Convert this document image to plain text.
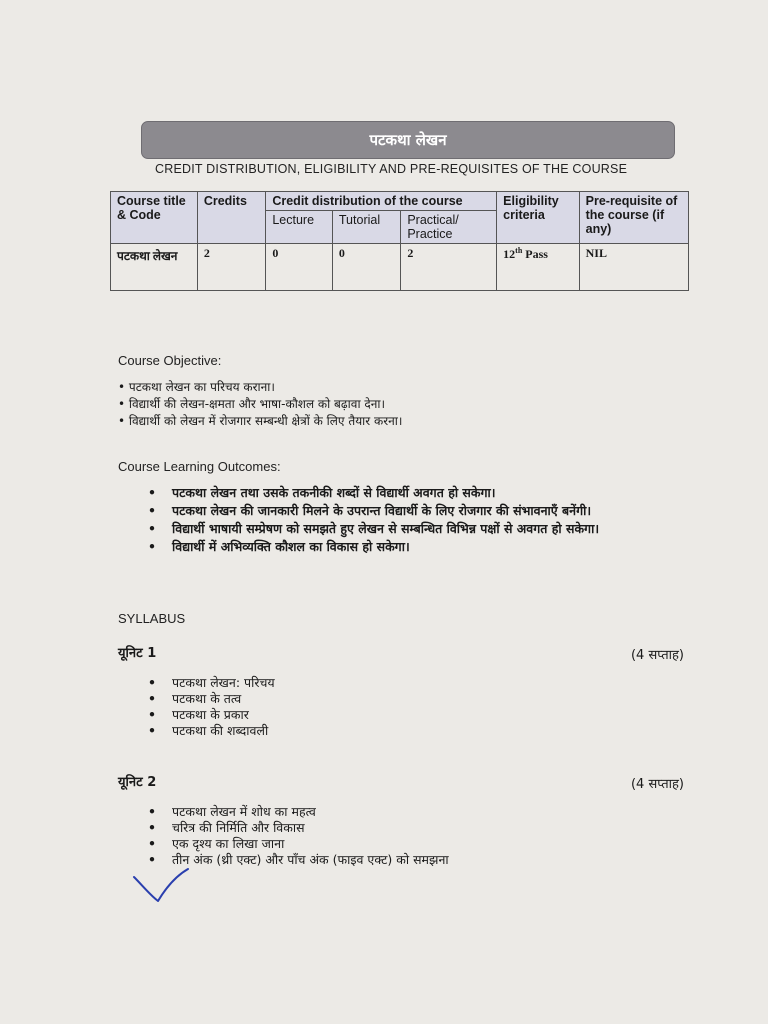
पटकथा लेखन
CREDIT DISTRIBUTION, ELIGIBILITY AND PRE-REQUISITES OF THE COURSE
Course title & Code	Credits	Credit distribution of the course			Eligibility criteria	Pre-requisite of the course (if any)
		Lecture	Tutorial	Practical/ Practice		
पटकथा लेखन	2	0	0	2	12th Pass	NIL
Course Objective:
• पटकथा लेखन का परिचय कराना।
• विद्यार्थी की लेखन-क्षमता और भाषा-कौशल को बढ़ावा देना।
• विद्यार्थी को लेखन में रोजगार सम्बन्धी क्षेत्रों के लिए तैयार करना।
Course Learning Outcomes:
• पटकथा लेखन तथा उसके तकनीकी शब्दों से विद्यार्थी अवगत हो सकेगा।
• पटकथा लेखन की जानकारी मिलने के उपरान्त विद्यार्थी के लिए रोजगार की संभावनाएँ बनेंगी।
• विद्यार्थी भाषायी सम्प्रेषण को समझते हुए लेखन से सम्बन्धित विभिन्न पक्षों से अवगत हो सकेगा।
• विद्यार्थी में अभिव्यक्ति कौशल का विकास हो सकेगा।
SYLLABUS
यूनिट 1	(4 सप्ताह)
• पटकथा लेखन: परिचय
• पटकथा के तत्व
• पटकथा के प्रकार
• पटकथा की शब्दावली
यूनिट 2	(4 सप्ताह)
• पटकथा लेखन में शोध का महत्व
• चरित्र की निर्मिति और विकास
• एक दृश्य का लिखा जाना
• तीन अंक (थ्री एक्ट) और पाँच अंक (फाइव एक्ट) को समझना
